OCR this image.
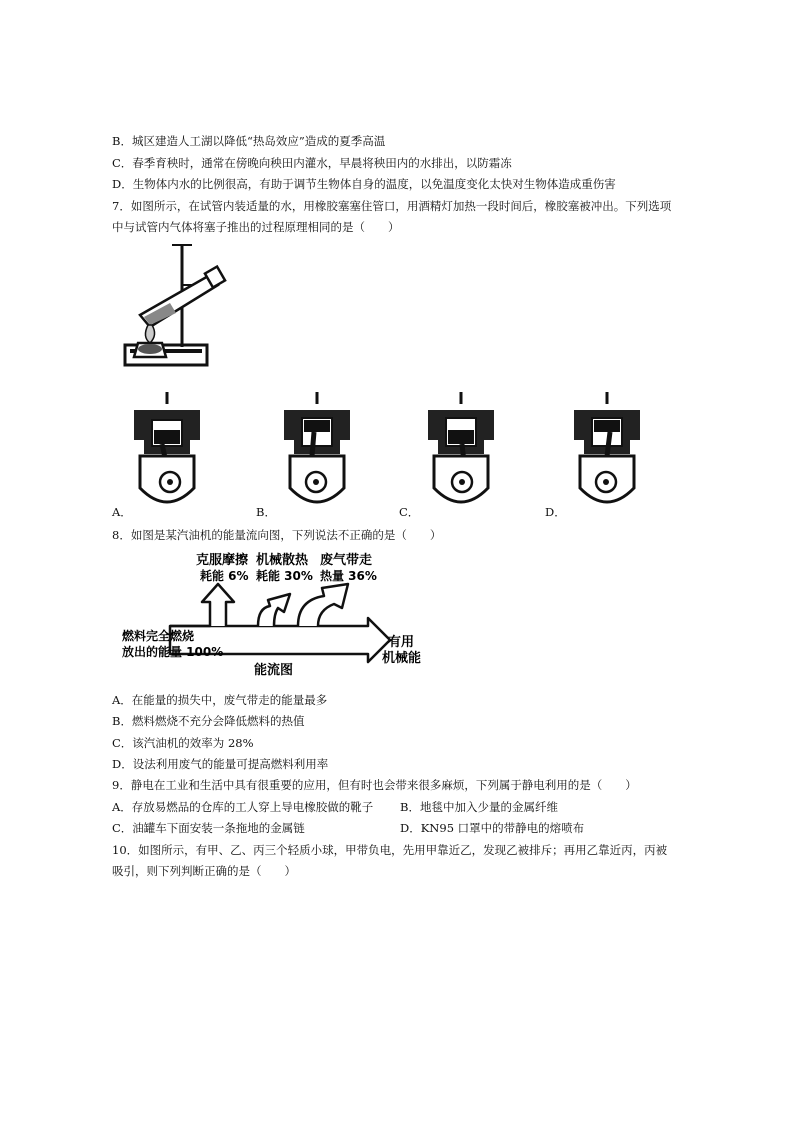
B．城区建造人工湖以降低“热岛效应”造成的夏季高温
C．春季育秧时，通常在傍晚向秧田内灌水，早晨将秧田内的水排出，以防霜冻
D．生物体内水的比例很高，有助于调节生物体自身的温度，以免温度变化太快对生物体造成重伤害
7．如图所示，在试管内装适量的水，用橡胶塞塞住管口，用酒精灯加热一段时间后，橡胶塞被冲出。下列选项
中与试管内气体将塞子推出的过程原理相同的是（　　）
A．	B．	C．	D．
8．如图是某汽油机的能量流向图，下列说法不正确的是（　　）
克服摩擦
耗能 6%
机械散热
耗能 30%
废气带走
热量 36%
燃料完全燃烧
放出的能量 100%
有用
机械能
能流图
A．在能量的损失中，废气带走的能量最多
B．燃料燃烧不充分会降低燃料的热值
C．该汽油机的效率为 28%
D．设法利用废气的能量可提高燃料利用率
9．静电在工业和生活中具有很重要的应用，但有时也会带来很多麻烦，下列属于静电利用的是（　　）
A．存放易燃品的仓库的工人穿上导电橡胶做的靴子 B．地毯中加入少量的金属纤维
C．油罐车下面安装一条拖地的金属链	D．KN95 口罩中的带静电的熔喷布
10．如图所示，有甲、乙、丙三个轻质小球，甲带负电，先用甲靠近乙，发现乙被排斥；再用乙靠近丙，丙被
吸引，则下列判断正确的是（　　）
